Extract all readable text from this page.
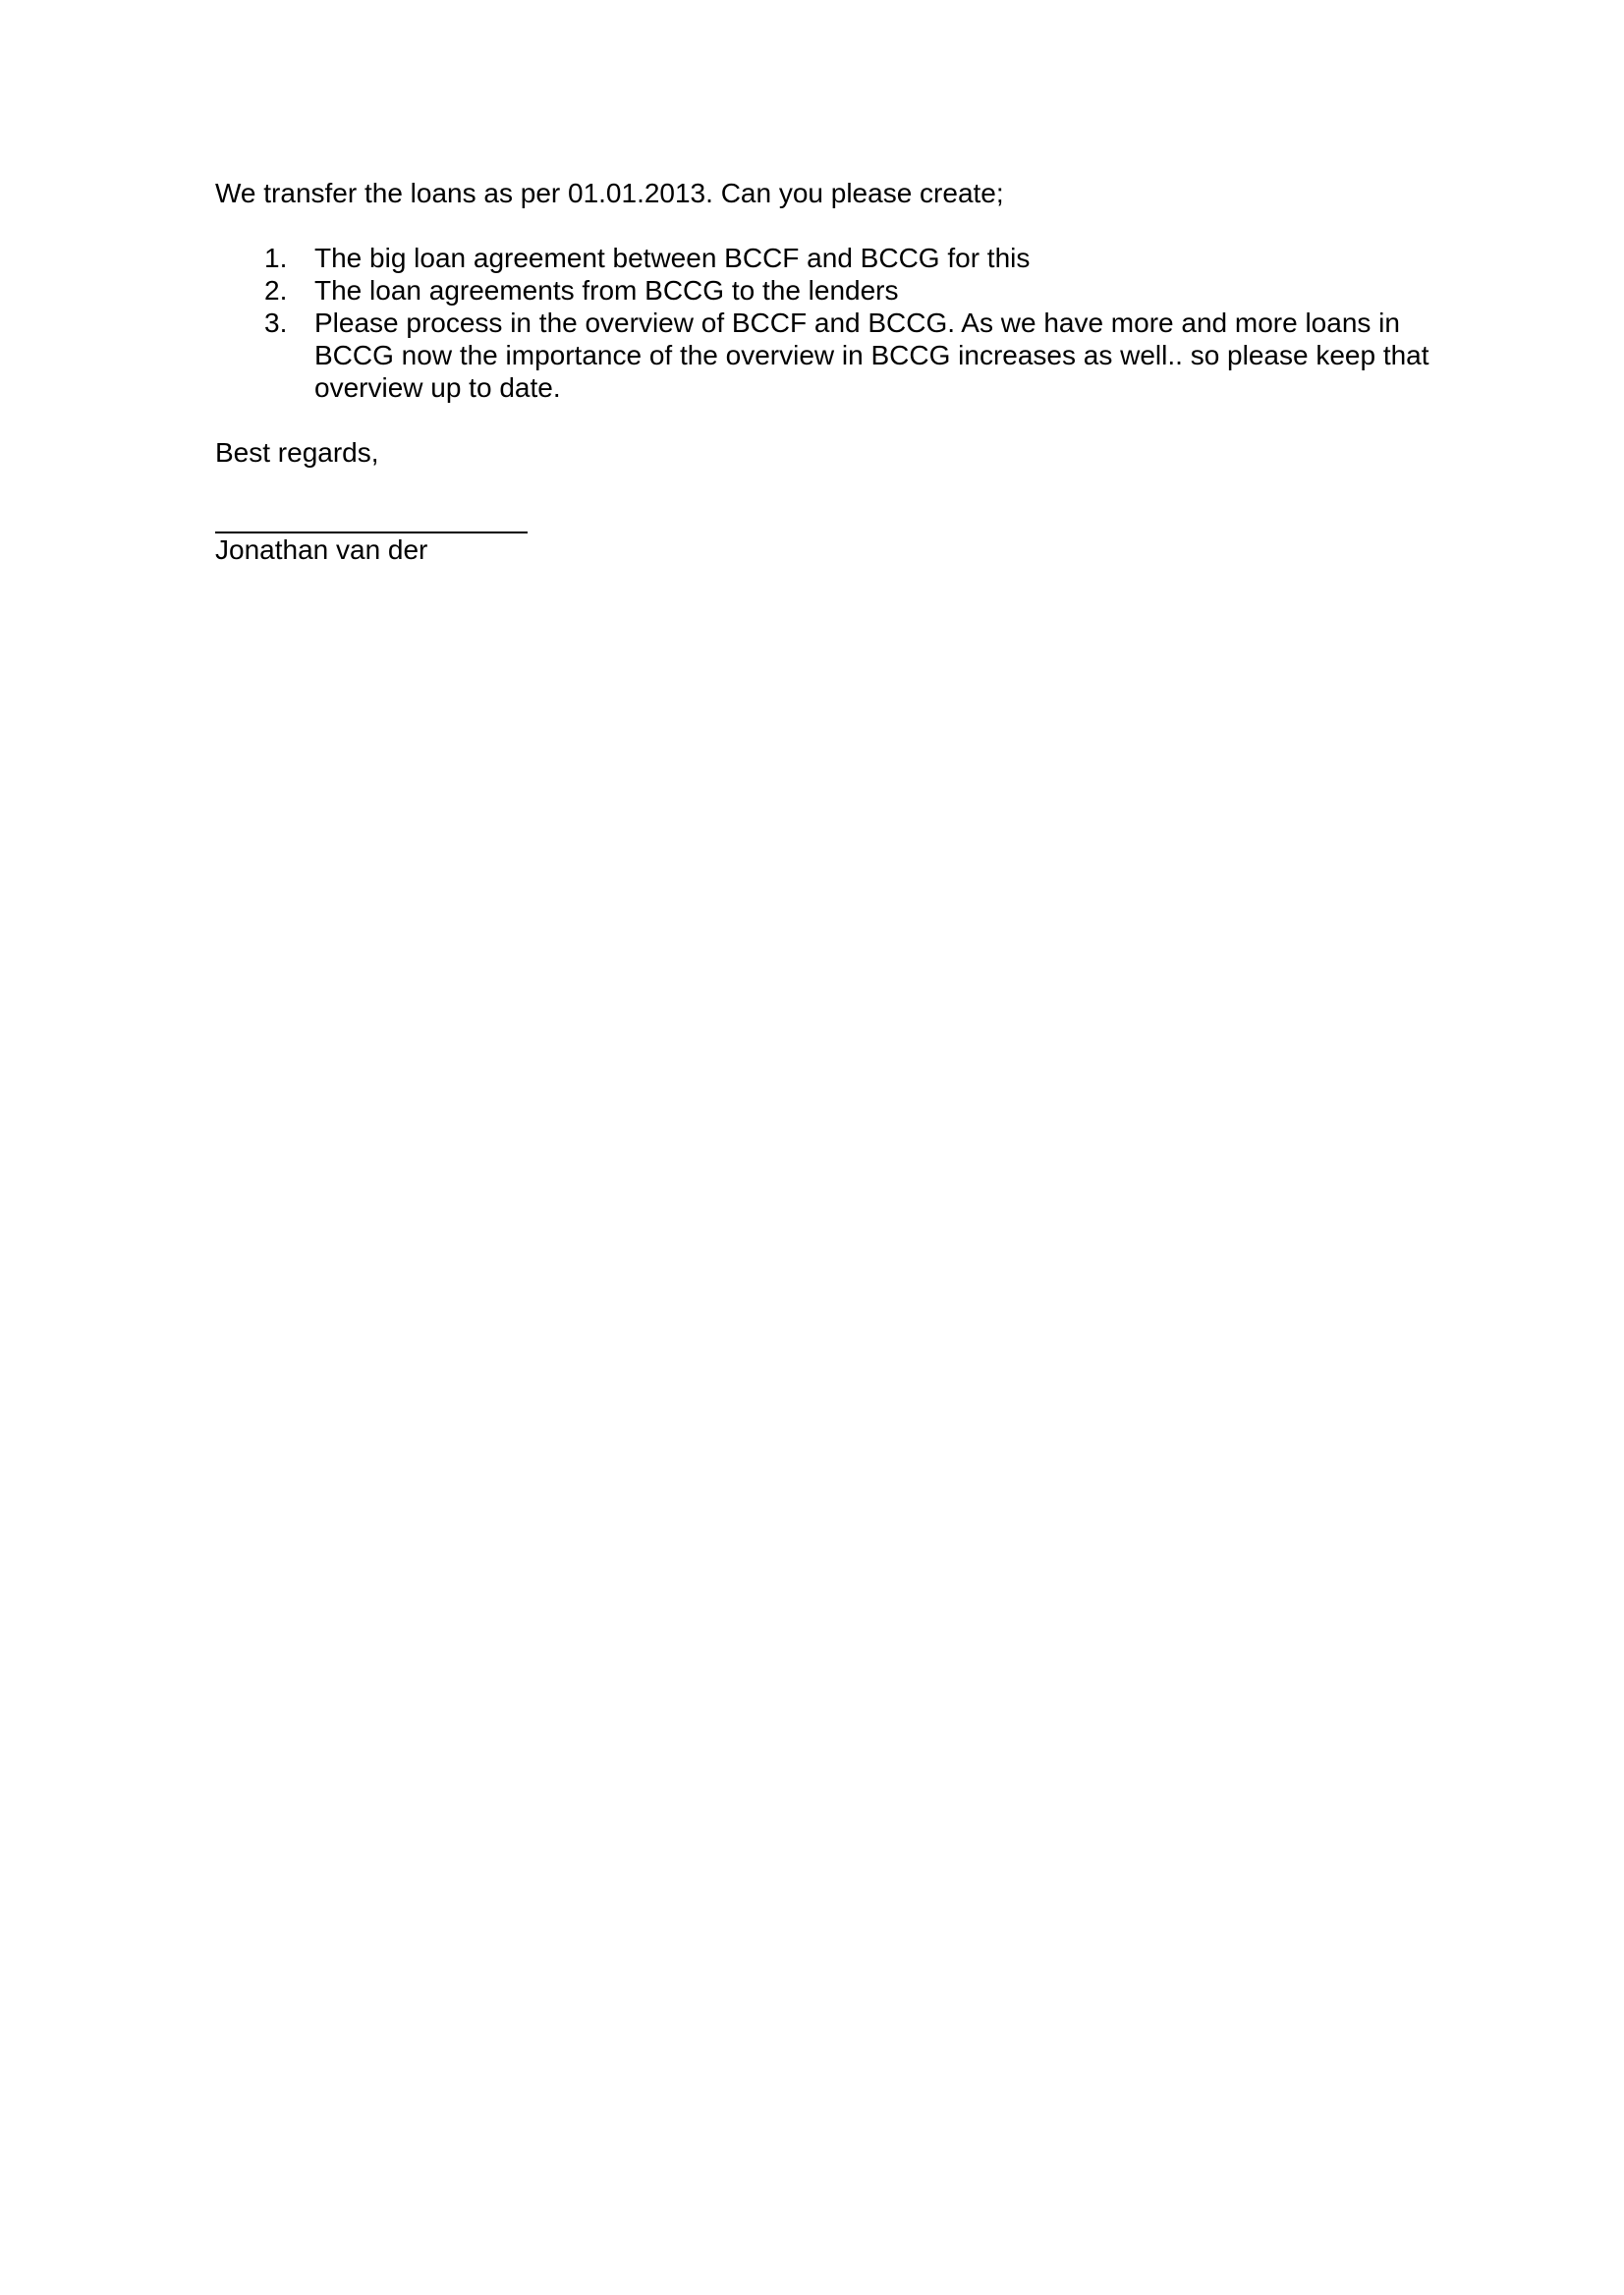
We transfer the loans as per 01.01.2013. Can you please create;

1. The big loan agreement between BCCF and BCCG for this
2. The loan agreements from BCCG to the lenders
3. Please process in the overview of BCCF and BCCG. As we have more and more loans in BCCG now the importance of the overview in BCCG increases as well.. so please keep that overview up to date.

Best regards,

Jonathan van der
